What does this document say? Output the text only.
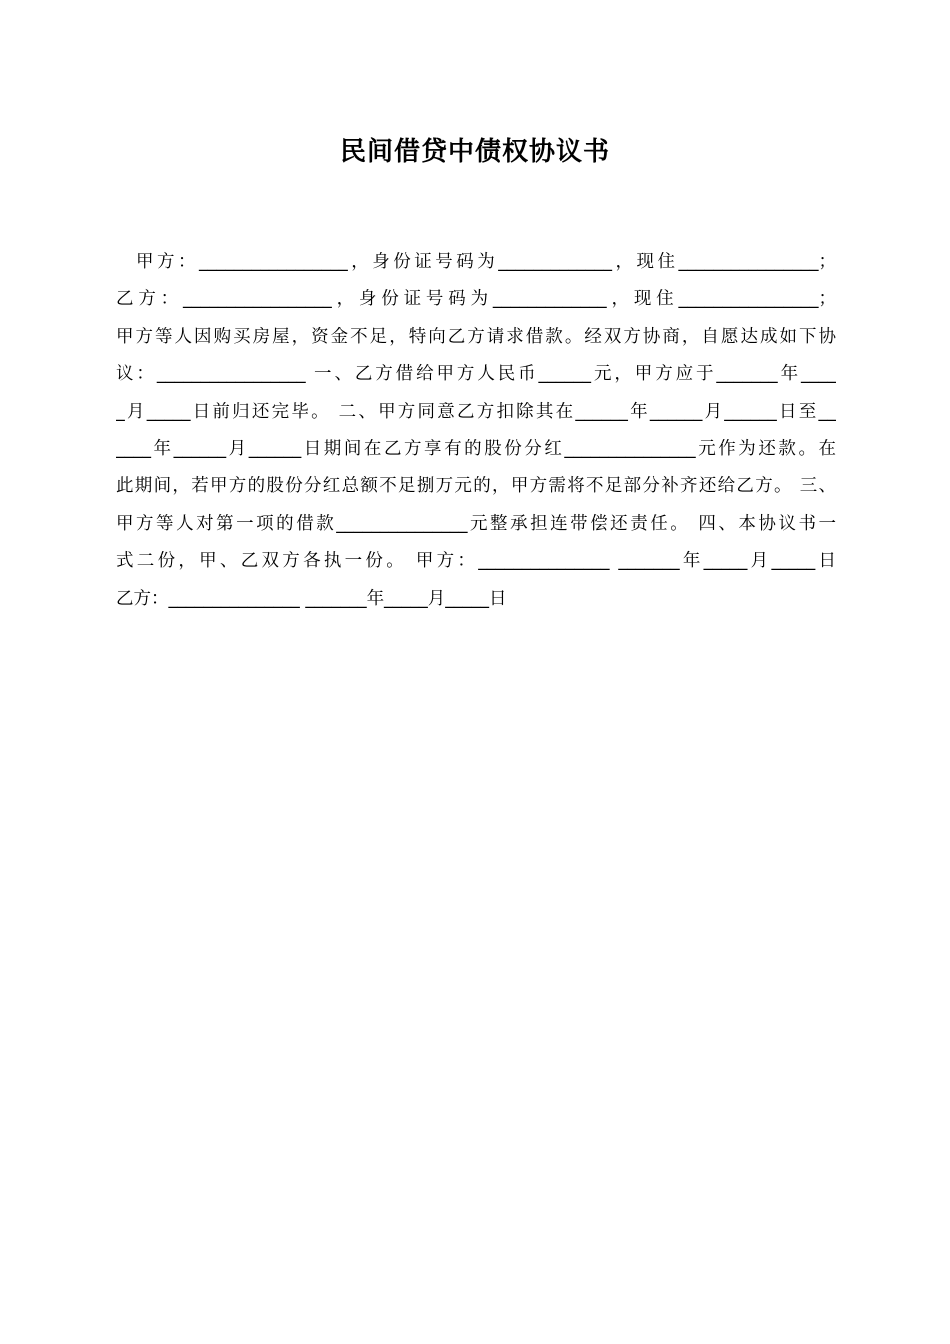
民间借贷中债权协议书
甲方：_________________，身份证号码为_____________，现住________________；
乙方：_________________，身份证号码为_____________，现住________________；
甲方等人因购买房屋，资金不足，特向乙方请求借款。经双方协商，自愿达成如下协
议：_________________ 一、乙方借给甲方人民币______元，甲方应于_______年____
_月_____日前归还完毕。 二、甲方同意乙方扣除其在______年______月______日至__
____年______月______日期间在乙方享有的股份分红_______________元作为还款。在
此期间，若甲方的股份分红总额不足捌万元的，甲方需将不足部分补齐还给乙方。 三、
甲方等人对第一项的借款_______________元整承担连带偿还责任。 四、本协议书一
式二份，甲、乙双方各执一份。 甲方：_______________ _______年_____月_____日
乙方：_______________ _______年_____月_____日
